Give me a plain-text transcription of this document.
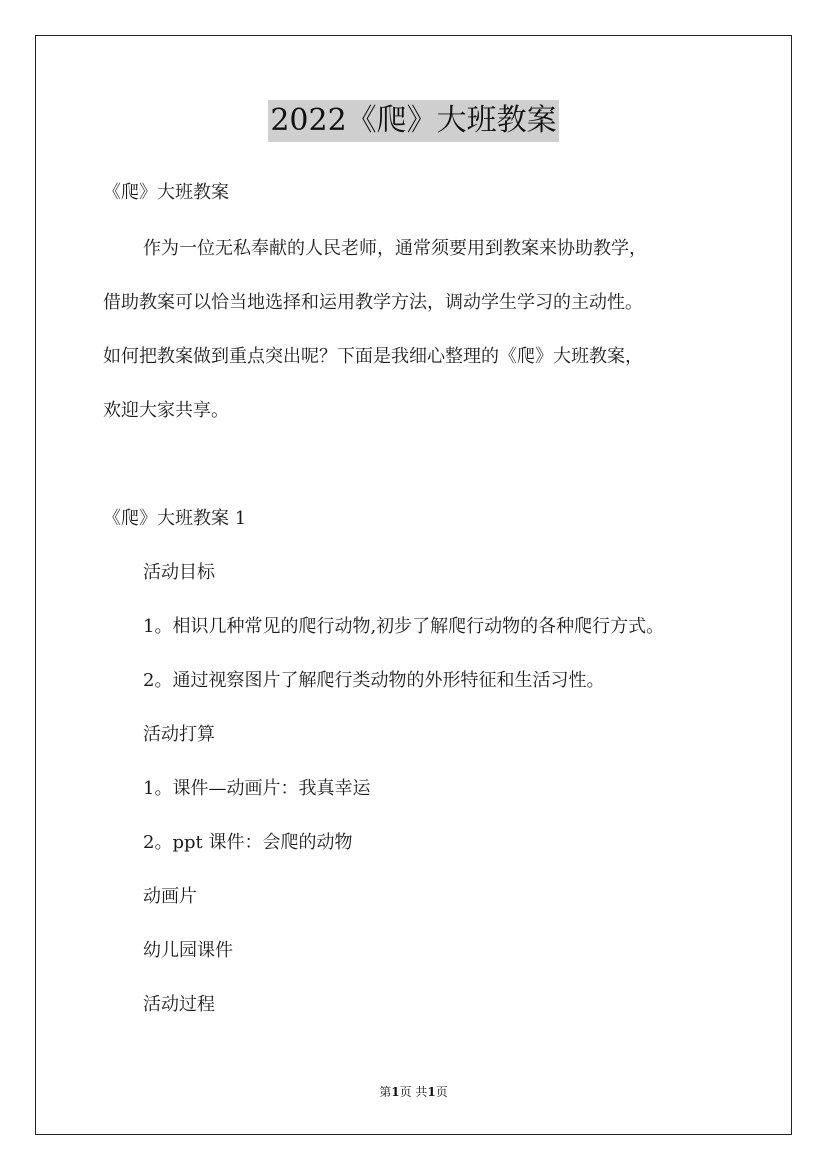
2022《爬》大班教案
《爬》大班教案
作为一位无私奉献的人民老师，通常须要用到教案来协助教学，
借助教案可以恰当地选择和运用教学方法，调动学生学习的主动性。
如何把教案做到重点突出呢？下面是我细心整理的《爬》大班教案，
欢迎大家共享。
《爬》大班教案 1
活动目标
1。相识几种常见的爬行动物,初步了解爬行动物的各种爬行方式。
2。通过视察图片了解爬行类动物的外形特征和生活习性。
活动打算
1。课件—动画片：我真幸运
2。ppt 课件：会爬的动物
动画片
幼儿园课件
活动过程
第1页 共1页
